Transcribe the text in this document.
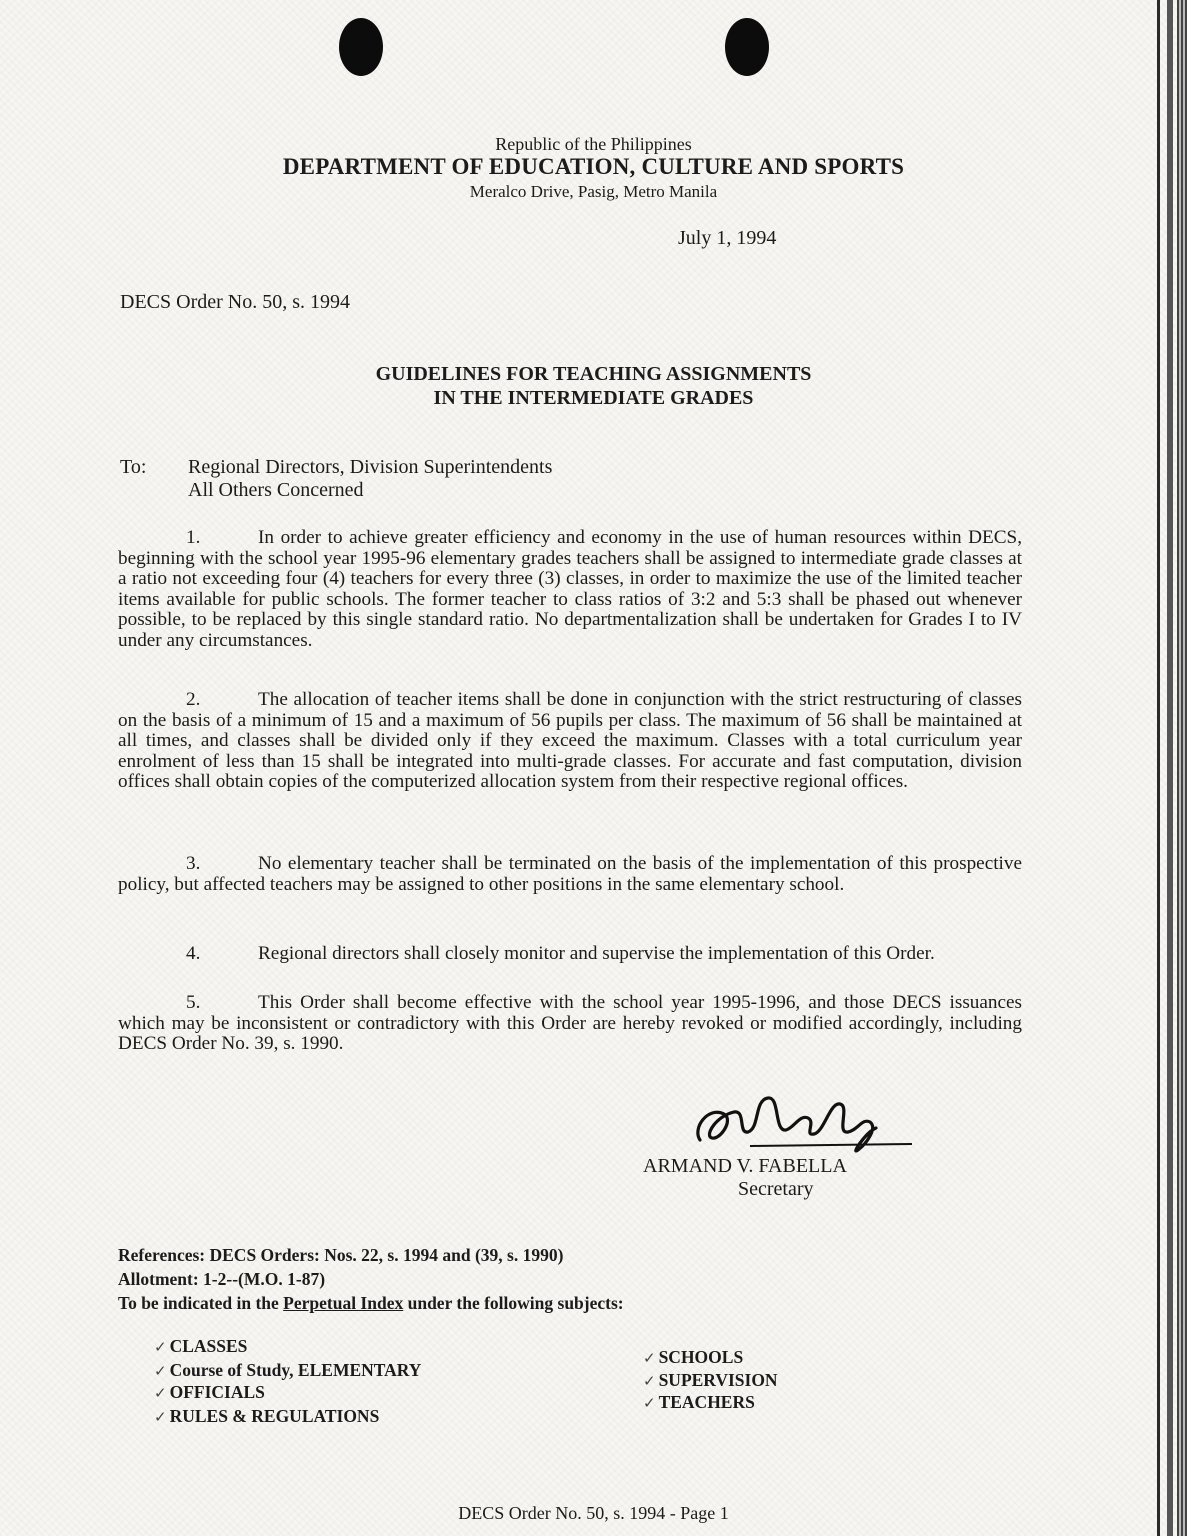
Republic of the Philippines
DEPARTMENT OF EDUCATION, CULTURE AND SPORTS
Meralco Drive, Pasig, Metro Manila
July 1, 1994
DECS Order No. 50, s. 1994
GUIDELINES FOR TEACHING ASSIGNMENTS
IN THE INTERMEDIATE GRADES
To: Regional Directors, Division Superintendents
All Others Concerned
1.	In order to achieve greater efficiency and economy in the use of human resources within DECS, beginning with the school year 1995-96 elementary grades teachers shall be assigned to intermediate grade classes at a ratio not exceeding four (4) teachers for every three (3) classes, in order to maximize the use of the limited teacher items available for public schools. The former teacher to class ratios of 3:2 and 5:3 shall be phased out whenever possible, to be replaced by this single standard ratio. No departmentalization shall be undertaken for Grades I to IV under any circumstances.
2.	The allocation of teacher items shall be done in conjunction with the strict restructuring of classes on the basis of a minimum of 15 and a maximum of 56 pupils per class. The maximum of 56 shall be maintained at all times, and classes shall be divided only if they exceed the maximum. Classes with a total curriculum year enrolment of less than 15 shall be integrated into multi-grade classes. For accurate and fast computation, division offices shall obtain copies of the computerized allocation system from their respective regional offices.
3.	No elementary teacher shall be terminated on the basis of the implementation of this prospective policy, but affected teachers may be assigned to other positions in the same elementary school.
4.	Regional directors shall closely monitor and supervise the implementation of this Order.
5.	This Order shall become effective with the school year 1995-1996, and those DECS issuances which may be inconsistent or contradictory with this Order are hereby revoked or modified accordingly, including DECS Order No. 39, s. 1990.
ARMAND V. FABELLA
Secretary
References: DECS Orders: Nos. 22, s. 1994 and (39, s. 1990)
Allotment: 1-2--(M.O. 1-87)
To be indicated in the Perpetual Index under the following subjects:
✓ CLASSES
✓ Course of Study, ELEMENTARY
✓ OFFICIALS
✓ RULES & REGULATIONS
✓ SCHOOLS
✓ SUPERVISION
✓ TEACHERS
DECS Order No. 50, s. 1994 - Page 1
